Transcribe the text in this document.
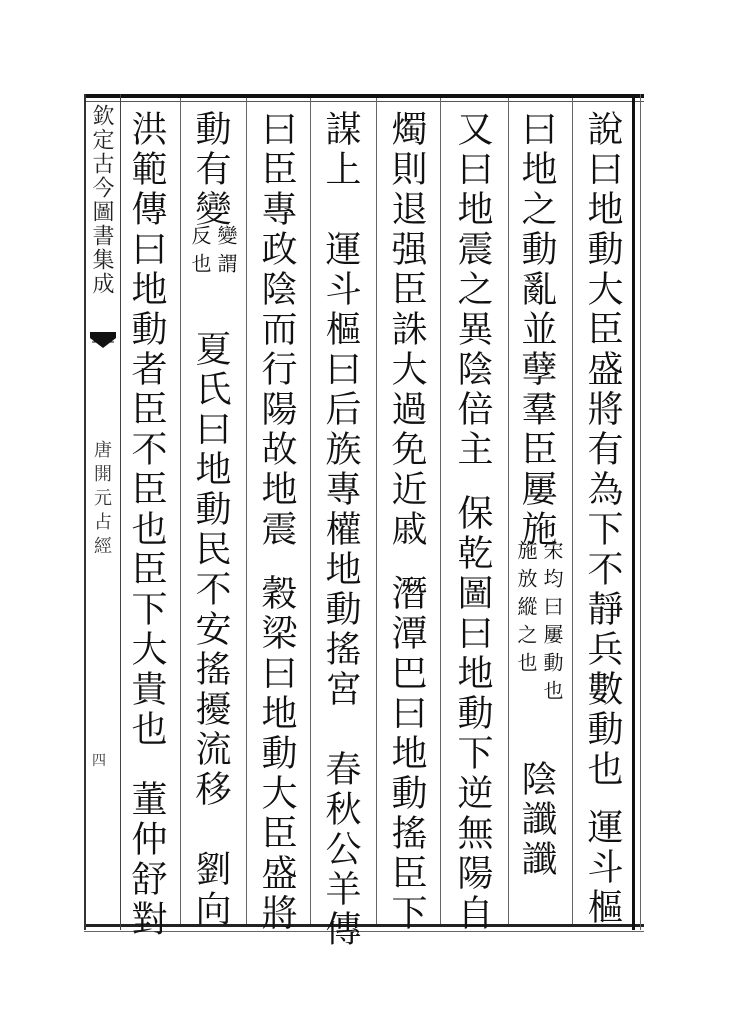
欽定古今圖書集成
唐開元占經
四	說曰地動大臣盛將有為下不靜兵數動也運斗樞
曰地之動亂並孽羣臣屢施
宋均曰屢動也
施放縱之也
陰讖讖
又曰地震之異陰倍主保乾圖曰地動下逆無陽自
燭則退强臣誅大過免近戚潛潭巴曰地動搖臣下
謀上運斗樞曰后族專權地動搖宮　春秋公羊傳
曰臣專政陰而行陽故地震穀梁曰地動大臣盛將
動有變
變謂
反也
夏氏曰地動民不安搖擾流移　劉向
洪範傳曰地動者臣不臣也臣下大貴也董仲舒對
